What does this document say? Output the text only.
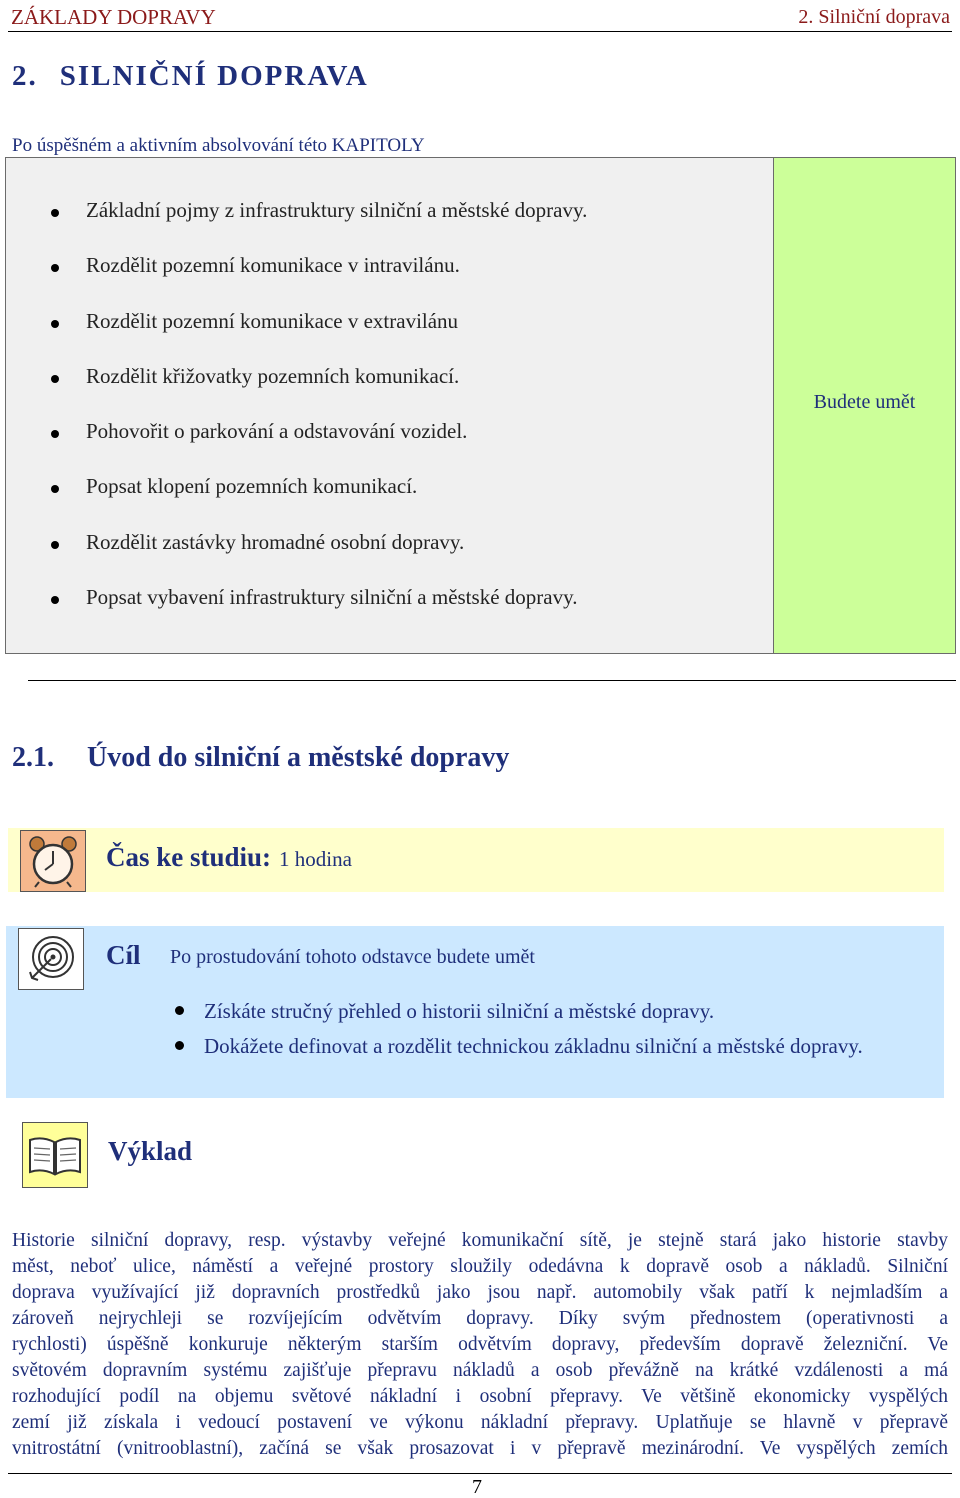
ZÁKLADY DOPRAVY	2. Silniční doprava
2. SILNIČNÍ DOPRAVA
Po úspěšném a aktivním absolvování této KAPITOLY
Základní pojmy z infrastruktury silniční a městské dopravy.
Rozdělit pozemní komunikace v intravilánu.
Rozdělit pozemní komunikace v extravilánu
Rozdělit křižovatky pozemních komunikací.
Pohovořit o parkování a odstavování vozidel.
Popsat klopení pozemních komunikací.
Rozdělit zastávky hromadné osobní dopravy.
Popsat vybavení infrastruktury silniční a městské dopravy.
Budete umět
2.1. Úvod do silniční a městské dopravy
Čas ke studiu: 1 hodina
Cíl Po prostudování tohoto odstavce budete umět
Získáte stručný přehled o historii silniční a městské dopravy.
Dokážete definovat a rozdělit technickou základnu silniční a městské dopravy.
Výklad
Historie silniční dopravy, resp. výstavby veřejné komunikační sítě, je stejně stará jako historie stavby
měst, neboť ulice, náměstí a veřejné prostory sloužily odedávna k dopravě osob a nákladů. Silniční
doprava využívající již dopravních prostředků jako jsou např. automobily však patří k nejmladším a
zároveň nejrychleji se rozvíjejícím odvětvím dopravy. Díky svým přednostem (operativnosti a
rychlosti) úspěšně konkuruje některým starším odvětvím dopravy, především dopravě železniční. Ve
světovém dopravním systému zajišťuje přepravu nákladů a osob převážně na krátké vzdálenosti a má
rozhodující podíl na objemu světové nákladní i osobní přepravy. Ve většině ekonomicky vyspělých
zemí již získala i vedoucí postavení ve výkonu nákladní přepravy. Uplatňuje se hlavně v přepravě
vnitrostátní (vnitrooblastní), začíná se však prosazovat i v přepravě mezinárodní. Ve vyspělých zemích
7
